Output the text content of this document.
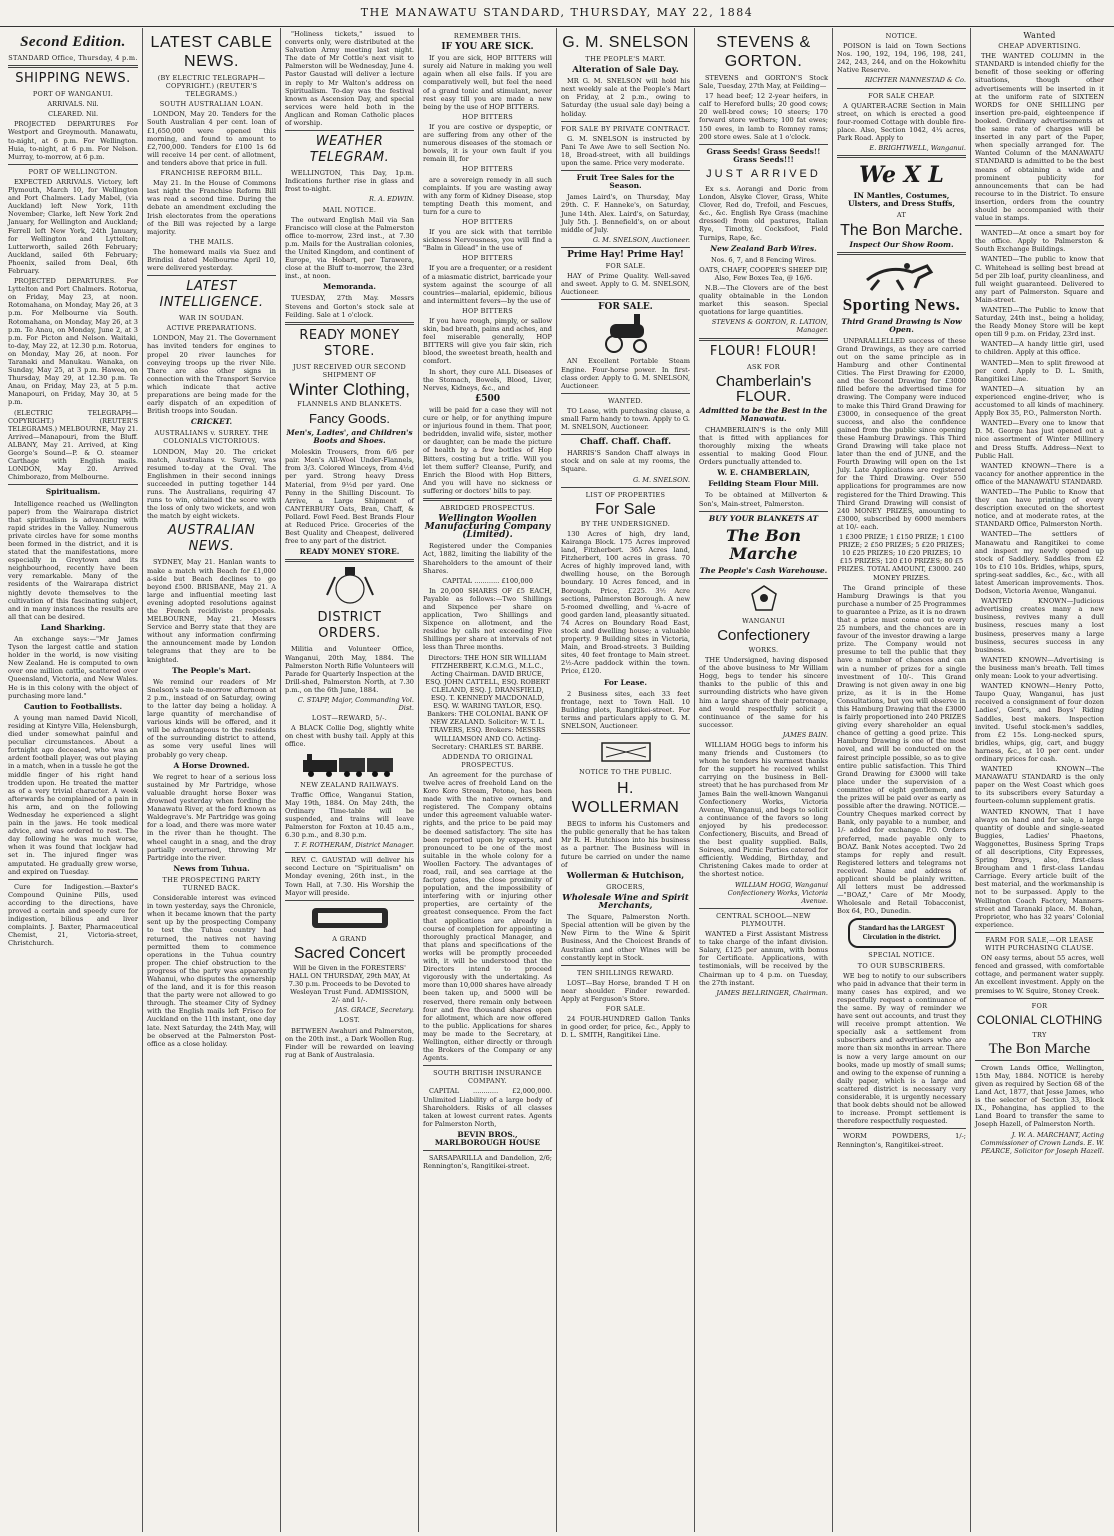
THE MANAWATU STANDARD, THURSDAY, MAY 22, 1884
Second Edition.
STANDARD Office, Thursday, 4 p.m.
SHIPPING NEWS.
PORT OF WANGANUI.

ARRIVALS. Nil.

CLEARED. Nil.

PROJECTED DEPARTURES For Westport and Greymouth. Manawatu, to-night, at 6 p.m. For Wellington. Huia, to-night, at 6 p.m. For Nelson. Murray, to-morrow, at 6 p.m.

PORT OF WELLINGTON.

EXPECTED ARRIVALS. Victory, left Plymouth, March 10, for Wellington and Port Chalmers. Lady Mabel, (via Auckland) left New York, 11th November; Clarke, left New York 2nd January, for Wellington and Auckland; Ferrell left New York, 24th January, for Wellington and Lyttelton; Lutterworth, sailed 26th February; Auckland, sailed 6th February; Phoenix, sailed from Deal, 6th February.

PROJECTED DEPARTURES. For Lyttelton and Port Chalmers. Rotorua, on Friday, May 23, at noon. Rotomahana, on Monday, May 26, at 3 p.m. For Melbourne via South. Rotomahana, on Monday, May 26, at 3 p.m. Te Anau, on Monday, June 2, at 3 p.m. For Picton and Nelson. Waitaki, to-day, May 22, at 12.30 p.m. Rotorua, on Monday, May 26, at noon. For Taranaki and Manukau. Wanaka, on Sunday, May 25, at 3 p.m. Hawea, on Thursday, May 29, at 12.30 p.m. Te Anau, on Friday, May 23, at 5 p.m. Manapouri, on Friday, May 30, at 5 p.m.

(ELECTRIC TELEGRAPH—COPYRIGHT.) (REUTER'S TELEGRAMS.) MELBOURNE, May 21. Arrived—Manapouri, from the Bluff. ALBANY, May 21. Arrived, at King George's Sound—P. & O. steamer Carthage with English mails. LONDON, May 20. Arrived Chimborazo, from Melbourne.

Spiritualism.

Intelligence reached us (Wellington paper) from the Wairarapa district that spiritualism is advancing with rapid strides in the Valley. Numerous private circles have for some months been formed in the district, and it is stated that the manifestations, more especially in Greytown and its neighbourhood, recently have been very remarkable. Many of the residents of the Wairarapa district nightly devote themselves to the cultivation of this fascinating subject, and in many instances the results are all that can be desired.

Land Sharking.

An exchange says:—"Mr James Tyson the largest cattle and station holder in the world, is now visiting New Zealand. He is computed to own over one million cattle, scattered over Queensland, Victoria, and New Wales. He is in this colony with the object of purchasing more land."

Caution to Footballists.

A young man named David Nicoll, residing at Kintyre Villa, Helensburgh, died under somewhat painful and peculiar circumstances. About a fortnight ago deceased, who was an ardent football player, was out playing in a match, when in a tussle he got the middle finger of his right hand trodden upon. He treated the matter as of a very trivial character. A week afterwards he complained of a pain in his arm, and on the following Wednesday he experienced a slight pain in the jaws. He took medical advice, and was ordered to rest. The day following he was much worse, when it was found that lockjaw had set in. The injured finger was amputated. He gradually grew worse, and expired on Tuesday.

Cure for Indigestion.—Baxter's Compound Quinine Pills, used according to the directions, have proved a certain and speedy cure for indigestion, bilious and liver complaints. J. Baxter, Pharmaceutical Chemist, 21, Victoria-street, Christchurch.

LATEST CABLE NEWS.
(BY ELECTRIC TELEGRAPH—COPYRIGHT.) (REUTER'S TELEGRAMS.)
SOUTH AUSTRALIAN LOAN.

LONDON, May 20. Tenders for the South Australian 4 per cent. loan of £1,650,000 were opened this morning, and found to amount to £2,700,000. Tenders for £100 1s 6d will receive 14 per cent. of allotment, and tenders above that price in full.

FRANCHISE REFORM BILL.

May 21. In the House of Commons last night the Franchise Reform Bill was read a second time. During the debate an amendment excluding the Irish electorates from the operations of the Bill was rejected by a large majority.

THE MAILS.

The homeward mails via Suez and Brindisi dated Melbourne April 10, were delivered yesterday.

LATEST INTELLIGENCE.
WAR IN SOUDAN.
ACTIVE PREPARATIONS.

LONDON, May 21. The Government has invited tenders for engines to propel 20 river launches for conveying troops up the river Nile. There are also other signs in connection with the Transport Service which indicate that active preparations are being made for the early dispatch of an expedition of British troops into Soudan.

CRICKET.
AUSTRALIANS v. SURREY. THE COLONIALS VICTORIOUS.

LONDON, May 20. The cricket match, Australians v. Surrey, was resumed to-day at the Oval. The Englishmen in their second innings succeeded in putting together 144 runs. The Australians, requiring 47 runs to win, obtained the score with the loss of only two wickets, and won the match by eight wickets.

AUSTRALIAN NEWS.

SYDNEY, May 21. Hanlan wants to make a match with Beach for £1,000 a-side but Beach declines to go beyond £500. BRISBANE, May 21. A large and influential meeting last evening adopted resolutions against the French recidiviste proposals. MELBOURNE, May 21. Messrs Service and Berry state that they are without any information confirming the announcement made by London telegrams that they are to be knighted.

The People's Mart.

We remind our readers of Mr Snelson's sale to-morrow afternoon at 2 p.m., instead of on Saturday, owing to the latter day being a holiday. A large quantity of merchandise of various kinds will be offered, and it will be advantageous to the residents of the surrounding district to attend, as some very useful lines will probably go very cheap.

A Horse Drowned.

We regret to hear of a serious loss sustained by Mr Partridge, whose valuable draught horse Boxer was drowned yesterday when fording the Manawatu River, at the ford known as Waldegrave's. Mr Partridge was going for a load, and there was more water in the river than he thought. The wheel caught in a snag, and the dray partially overturned, throwing Mr Partridge into the river.

News from Tuhua.
THE PROSPECTING PARTY TURNED BACK.

Considerable interest was evinced in town yesterday, says the Chronicle, when it became known that the party sent up by the prospecting Company to test the Tuhua country had returned, the natives not having permitted them to commence operations in the Tuhua country proper. The chief obstruction to the progress of the party was apparently Wahanui, who disputes the ownership of the land, and it is for this reason that the party were not allowed to go through. The steamer City of Sydney with the English mails left Frisco for Auckland on the 11th instant, one day late. Next Saturday, the 24th May, will be observed at the Palmerston Post-office as a close holiday.

"Holiness tickets," issued to converts only, were distributed at the Salvation Army meeting last night. The date of Mr Cottle's next visit to Palmerston will be Wednesday, June 4. Pastor Gaustad will deliver a lecture in reply to Mr Walton's address on Spiritualism. To-day was the festival known as Ascension Day, and special services were held both in the Anglican and Roman Catholic places of worship.

WEATHER TELEGRAM.

WELLINGTON, This Day, 1p.m. Indications further rise in glass and frost to-night.

R. A. EDWIN.

MAIL NOTICE.

The outward English Mail via San Francisco will close at the Palmerston office to-morrow, 23rd inst., at 7.30 p.m. Mails for the Australian colonies, the United Kingdom, and continent of Europe, via Hobart, per Tarawera, close at the Bluff to-morrow, the 23rd inst., at noon.

Memoranda.

TUESDAY, 27th May. Messrs Stevens and Gorton's stock sale at Feilding. Sale at 1 o'clock.

READY MONEY STORE.
JUST RECEIVED OUR SECOND SHIPMENT OF
Winter Clothing,
FLANNELS AND BLANKETS.
Fancy Goods.
Men's, Ladies', and Children's Boots and Shoes.

Moleskin Trousers, from 6/6 per pair. Men's All-Wool Under-Flannels, from 3/3. Colored Winceys, from 4½d per yard. Strong heavy Dress Material, from 9½d per yard. One Penny in the Shilling Discount. To Arrive, a Large Shipment of CANTERBURY Oats, Bran, Chaff, & Pollard. Fowl Feed. Best Brands Flour at Reduced Price. Groceries of the Best Quality and Cheapest, delivered free to any part of the district.

READY MONEY STORE.
DISTRICT ORDERS.

Militia and Volunteer Office, Wanganui, 20th May, 1884. The Palmerston North Rifle Volunteers will Parade for Quarterly Inspection at the Drill-shed, Palmerston North, at 7.30 p.m., on the 6th June, 1884.

C. STAPP, Major, Commanding Vol. Dist.

LOST—REWARD, 5/-.

A BLACK Collie Dog, slightly white on chest with bushy tail. Apply at this office.

NEW ZEALAND RAILWAYS.

Traffic Office, Wanganui Station, May 19th, 1884. On May 24th, the Ordinary Time-table will be suspended, and trains will leave Palmerston for Foxton at 10.45 a.m., 6.30 p.m., and 8.30 p.m.

T. F. ROTHERAM, District Manager.

REV. C. GAUSTAD will deliver his second Lecture on "Spiritualism" on Monday evening, 26th inst., in the Town Hall, at 7.30. His Worship the Mayor will preside.

A GRAND
Sacred Concert

Will be Given in the FORESTERS' HALL ON THURSDAY, 29th MAY, At 7.30 p.m. Proceeds to be Devoted to Wesleyan Trust Fund. ADMISSION, 2/- and 1/-.

JAS. GRACE, Secretary.

LOST.

BETWEEN Awahuri and Palmerston, on the 20th inst., a Dark Woollen Rug. Finder will be rewarded on leaving rug at Bank of Australasia.

REMEMBER THIS.
IF YOU ARE SICK.

If you are sick, HOP BITTERS will surely aid Nature in making you well again when all else fails. If you are comparatively well, but feel the need of a grand tonic and stimulant, never rest easy till you are made a new being by the use of HOP BITTERS.

HOP BITTERS

If you are costive or dyspeptic, or are suffering from any other of the numerous diseases of the stomach or bowels, it is your own fault if you remain ill, for

HOP BITTERS

are a sovereign remedy in all such complaints. If you are wasting away with any form of Kidney Disease, stop tempting Death this moment, and turn for a cure to

HOP BITTERS

If you are sick with that terrible sickness Nervousness, you will find a "Balm in Gilead" in the use of

HOP BITTERS

If you are a frequenter, or a resident of a miasmatic district, barricade your system against the scourge of all countries—malarial, epidemic, bilious and intermittent fevers—by the use of

HOP BITTERS

If you have rough, pimply, or sallow skin, bad breath, pains and aches, and feel miserable generally, HOP BITTERS will give you fair skin, rich blood, the sweetest breath, health and comfort.

In short, they cure ALL Diseases of the Stomach, Bowels, Blood, Liver, Nerves, Kidneys, &c., and

£500

will be paid for a case they will not cure or help, or for anything impure or injurious found in them. That poor, bedridden, invalid wife, sister, mother or daughter, can be made the picture of health by a few bottles of Hop Bitters, costing but a trifle. Will you let them suffer? Cleanse, Purify, and Enrich the Blood with Hop Bitters, And you will have no sickness or suffering or doctors' bills to pay.

ABRIDGED PROSPECTUS.
Wellington Woollen Manufacturing Company (Limited).

Registered under the Companies Act, 1882, limiting the liability of the Shareholders to the amount of their Shares.

CAPITAL ............ £100,000

In 20,000 SHARES OF £5 EACH, Payable as follows:—Two Shillings and Sixpence per share on application, Two Shillings and Sixpence on allotment, and the residue by calls not exceeding Five Shillings per share at intervals of not less than Three months.

Directors: THE HON SIR WILLIAM FITZHERBERT, K.C.M.G., M.L.C., Acting Chairman. DAVID BRUCE, ESQ. JOHN CATTELL, ESQ. ROBERT CLELAND, ESQ. J. DRANSFIELD, ESQ. T. KENNEDY MACDONALD, ESQ. W. WARING TAYLOR, ESQ. Bankers: THE COLONIAL BANK OF NEW ZEALAND. Solicitor: W. T. L. TRAVERS, ESQ. Brokers: MESSRS WILLIAMSON AND CO. Acting-Secretary: CHARLES ST. BARBE.

ADDENDA TO ORIGINAL PROSPECTUS.

An agreement for the purchase of twelve acres of freehold Land on the Koro Koro Stream, Petone, has been made with the native owners, and registered. The Company obtains under this agreement valuable water-rights, and the price to be paid may be deemed satisfactory. The site has been reported upon by experts, and pronounced to be one of the most suitable in the whole colony for a Woollen Factory. The advantages of road, rail, and sea carriage at the factory gates, the close proximity of population, and the impossibility of interfering with or injuring other properties, are certainty of the greatest consequence. From the fact that applications are already in course of completion for appointing a thoroughly practical Manager, and that plans and specifications of the works will be promptly proceeded with, it will be understood that the Directors intend to proceed vigorously with the undertaking. As more than 10,000 shares have already been taken up, and 5000 will be reserved, there remain only between four and five thousand shares open for allotment, which are now offered to the public. Applications for shares may be made to the Secretary, at Wellington, either directly or through the Brokers of the Company or any Agents.

SOUTH BRITISH INSURANCE COMPANY.

CAPITAL ............ £2,000,000. Unlimited Liability of a large body of Shareholders. Risks of all classes taken at lowest current rates. Agents for Palmerston North,

BEVIN BROS., MARLBOROUGH HOUSE

SARSAPARILLA and Dandelion, 2/6; Rennington's, Rangitikei-street.

G. M. SNELSON
THE PEOPLE'S MART.
Alteration of Sale Day.

MR G. M. SNELSON will hold his next weekly sale at the People's Mart on Friday, at 2 p.m., owing to Saturday (the usual sale day) being a holiday.

FOR SALE BY PRIVATE CONTRACT.

G. M. SNELSON is instructed by Pani Te Awe Awe to sell Section No. 18, Broad-street, with all buildings upon the same. Price very moderate.

Fruit Tree Sales for the Season.

James Laird's, on Thursday, May 29th. C. F. Hanneke's, on Saturday, June 14th. Alex. Laird's, on Saturday, July 5th. J. Bennefield's, on or about middle of July.

G. M. SNELSON, Auctioneer.

Prime Hay! Prime Hay!
FOR SALE.

HAY of Prime Quality. Well-saved and sweet. Apply to G. M. SNELSON, Auctioneer.

FOR SALE.

AN Excellent Portable Steam Engine. Four-horse power. In first-class order. Apply to G. M. SNELSON, Auctioneer.

WANTED.

TO Lease, with purchasing clause, a small Farm handy to town. Apply to G. M. SNELSON, Auctioneer.

Chaff. Chaff. Chaff.

HARRIS'S Sandon Chaff always in stock and on sale at my rooms, the Square.

G. M. SNELSON.

LIST OF PROPERTIES
For Sale
BY THE UNDERSIGNED.

130 Acres of high, dry land, Kairanga Block. 175 Acres improved land, Fitzherbert. 365 Acres land, Fitzherbert, 100 acres in grass. 70 Acres of highly improved land, with dwelling house, on the Borough boundary. 10 Acres fenced, and in Borough. Price, £225. 3½ Acre sections, Palmerston Borough. A new 5-roomed dwelling, and ¼-acre of good garden land, pleasantly situated. 74 Acres on Boundary Road East, stock and dwelling house; a valuable property. 9 Building sites in Victoria, Main, and Broad-streets. 3 Building sites, 40 feet frontage to Main street. 2½-Acre paddock within the town. Price, £120.

For Lease.

2 Business sites, each 33 feet frontage, next to Town Hall. 10 Building plots, Rangitikei-street. For terms and particulars apply to G. M. SNELSON, Auctioneer.

NOTICE TO THE PUBLIC.
H. WOLLERMAN

BEGS to inform his Customers and the public generally that he has taken Mr R. H. Hutchison into his business as a partner. The Business will in future be carried on under the name of

Wollerman & Hutchison,
GROCERS,
Wholesale Wine and Spirit Merchants,

The Square, Palmerston North. Special attention will be given by the New Firm to the Wine & Spirit Business, And the Choicest Brands of Australian and other Wines will be constantly kept in Stock.

TEN SHILLINGS REWARD.

LOST—Bay Horse, branded T H on near shoulder. Finder rewarded. Apply at Ferguson's Store.

FOR SALE.

24 FOUR-HUNDRED Gallon Tanks in good order, for price, &c., Apply to D. L. SMITH, Rangitikei Line.

STEVENS & GORTON.

STEVENS and GORTON'S Stock Sale, Tuesday, 27th May, at Feilding—

17 head beef; 12 2-year heifers, in calf to Hereford bulls; 20 good cows; 20 well-bred cows; 10 steers; 170 forward store wethers; 100 fat ewes; 150 ewes, in lamb to Romney rams; 200 store ewes. Sale at 1 o'clock.

Grass Seeds! Grass Seeds!! Grass Seeds!!!
JUST ARRIVED

Ex s.s. Aorangi and Doric from London, Alsyke Clover, Grass, White Clover, Red do, Trefoil, and Fescues, &c., &c. English Rye Grass (machine dressed) from old pastures, Italian Rye, Timothy, Cocksfoot, Field Turnips, Rape, &c.

New Zealand Barb Wires.

Nos. 6, 7, and 8 Fencing Wires.

OATS, CHAFF, COOPER'S SHEEP DIP, Also, Few Boxes Tea, @ 16/6.

N.B.—The Clovers are of the best quality obtainable in the London market this season. Special quotations for large quantities.

STEVENS & GORTON, R. LATION, Manager.

FLOUR! FLOUR!
ASK FOR
Chamberlain's FLOUR.
Admitted to be the Best in the Manawatu.

CHAMBERLAIN'S is the only Mill that is fitted with appliances for thoroughly mixing the wheats essential to making Good Flour. Orders punctually attended to.

W. E. CHAMBERLAIN,
Feilding Steam Flour Mill.

To be obtained at Millverton & Son's, Main-street, Palmerston.

BUY YOUR BLANKETS AT
The Bon Marche
The People's Cash Warehouse.
WANGANUI
Confectionery
WORKS.

THE Undersigned, having disposed of the above business to Mr William Hogg, begs to tender his sincere thanks to the public of this and surrounding districts who have given him a large share of their patronage, and would respectfully solicit a continuance of the same for his successor.

JAMES BAIN.

WILLIAM HOGG begs to inform his many friends and Customers (to whom he tenders his warmest thanks for the support he received whilst carrying on the business in Bell-street) that he has purchased from Mr James Bain the well-known Wanganui Confectionery Works, Victoria Avenue, Wanganui, and begs to solicit a continuance of the favors so long enjoyed by his predecessor. Confectionery, Biscuits, and Bread of the best quality supplied. Balls, Soirees, and Picnic Parties catered for efficiently. Wedding, Birthday, and Christening Cakes made to order at the shortest notice.

WILLIAM HOGG, Wanganui Confectionery Works, Victoria Avenue.

CENTRAL SCHOOL—NEW PLYMOUTH.

WANTED a First Assistant Mistress to take charge of the infant division. Salary, £125 per annum, with bonus for Certificate. Applications, with testimonials, will be received by the Chairman up to 4 p.m. on Tuesday, the 27th instant.

JAMES BELLRINGER, Chairman.

NOTICE.

POISON is laid on Town Sections Nos. 190, 192, 194, 196, 198, 241, 242, 243, 244, and on the Hokowhitu Native Reserve.

RICHTER NANNESTAD & Co.

FOR SALE CHEAP.

A QUARTER-ACRE Section in Main street, on which is erected a good four-roomed Cottage with double fire-place. Also, Section 1042, 4¼ acres, Park Road. Apply to

E. BRIGHTWELL, Wanganui.

We X L
IN Mantles, Costumes, Ulsters, and Dress Stuffs,
AT
The Bon Marche.
Inspect Our Show Room.
Sporting News.
Third Grand Drawing is Now Open.

UNPARALLELLED success of these Grand Drawings, as they are carried out on the same principle as in Hamburg and other Continental Cities. The First Drawing for £2000, and the Second Drawing for £3000 filled before the advertised time for drawing. The Company were induced to make this Third Grand Drawing for £3000, in consequence of the great success, and also the confidence gained from the public since opening these Hamburg Drawings. This Third Grand Drawing will take place not later than the end of JUNE, and the Fourth Drawing will open on the 1st July. Late Applications are registered for the Third Drawing. Over 550 applications for programmes are now registered for the Third Drawing. This Third Grand Drawing will consist of 240 MONEY PRIZES, amounting to £3000, subscribed by 6000 members at 10/- each.

1 £300 PRIZE; 1 £150 PRIZE; 1 £100 PRIZE; 2 £50 PRIZES; 5 £20 PRIZES; 10 £25 PRIZES; 10 £20 PRIZES; 10 £15 PRIZES; 120 £10 PRIZES; 80 £5 PRIZES. TOTAL AMOUNT, £3000. 240 MONEY PRIZES.

The Grand principle of these Hamburg Drawings is that you purchase a number of 25 Programmes to guarantee a Prize, as it is no drawn that a prize must come out to every 25 numbers, and the chances are in favour of the investor drawing a large prize. The Company would not presume to tell the public that they have a number of chances and can win a number of prizes for a single investment of 10/-. This Grand Drawing is not given away in one big prize, as it is in the Home Consultations, but you will observe in this Hamburg Drawing that the £3000 is fairly proportioned into 240 PRIZES giving every shareholder an equal chance of getting a good prize. This Hamburg Drawing is one of the most novel, and will be conducted on the fairest principle possible, so as to give entire public satisfaction. This Third Grand Drawing for £3000 will take place under the supervision of a committee of eight gentlemen, and the prizes will be paid over as early as possible after the drawing. NOTICE.—Country Cheques marked correct by Bank, only payable to a number, and 1/- added for exchange. P.O. Orders preferred, made payable only to BOAZ. Bank Notes accepted. Two 2d stamps for reply and result. Registered letters and telegrams not received. Name and address of applicant should be plainly written. All letters must be addressed—"BOAZ," Care of Mr Moody, Wholesale and Retail Tobacconist, Box 64, P.O., Dunedin.

Standard has the LARGEST Circulation in the district.
SPECIAL NOTICE.
TO OUR SUBSCRIBERS.

WE beg to notify to our subscribers who paid in advance that their term in many cases has expired, and we respectfully request a continuance of the same. By way of reminder we have sent out accounts, and trust they will receive prompt attention. We specially ask a settlement from subscribers and advertisers who are more than six months in arrear. There is now a very large amount on our books, made up mostly of small sums; and owing to the expense of running a daily paper, which is a large and scattered district is necessary very considerable, it is urgently necessary that book debts should not be allowed to increase. Prompt settlement is therefore respectfully requested.

WORM POWDERS, 1/-; Rennington's, Rangitikei-street.

Wanted
CHEAP ADVERTISING.

THE WANTED COLUMN in the STANDARD is intended chiefly for the benefit of those seeking or offering situations, though other advertisements will be inserted in it at the uniform rate of SIXTEEN WORDS for ONE SHILLING per insertion pre-paid, eighteenpence if booked. Ordinary advertisements at the same rate of charges will be inserted in any part of the Paper, when specially arranged for. The Wanted Column of the MANAWATU STANDARD is admitted to be the best means of obtaining a wide and prominent publicity for announcements that can be had recourse to in the District. To ensure insertion, orders from the country should be accompanied with their value in stamps.

WANTED—At once a smart boy for the office. Apply to Palmerston & South Exchange Buildings.

WANTED—The public to know that C. Whitehead is selling best bread at 5d per 2lb loaf, purity cleanliness, and full weight guaranteed. Delivered to any part of Palmerston. Square and Main-street.

WANTED—The Public to know that Saturday, 24th inst., being a holiday, the Ready Money Store will be kept open till 9 p.m. on Friday, 23rd inst.

WANTED—A handy little girl, used to children. Apply at this office.

WANTED—Men to split firewood at per cord. Apply to D. L. Smith, Rangitikei Line.

WANTED—A situation by an experienced engine-driver, who is accustomed to all kinds of machinery. Apply Box 35, P.O., Palmerston North.

WANTED—Every one to know that D. M. George has just opened out a nice assortment of Winter Millinery and Dress Stuffs. Address—Next to Public Hall.

WANTED KNOWN—There is a vacancy for another apprentice in the office of the MANAWATU STANDARD.

WANTED—The Public to Know that they can have printing of every description executed on the shortest notice, and at moderate rates, at the STANDARD Office, Palmerston North.

WANTED—The settlers of Manawatu and Rangitikei to come and inspect my newly opened up stock of Saddlery. Saddles from £2 10s to £10 10s. Bridles, whips, spurs, spring-seat saddles, &c., &c., with all latest American improvements. Thos. Dodson, Victoria Avenue, Wanganui.

WANTED KNOWN—Judicious advertising creates many a new business, revives many a dull business, rescues many a lost business, preserves many a large business, secures success in any business.

WANTED KNOWN—Advertising is the business man's breath. Tell times only mean: Look to your advertising.

WANTED KNOWN—Henry Potto, Taupo Quay, Wanganui, has just received a consignment of four dozen Ladies', Gent's, and Boys' Riding Saddles, best makers. Inspection invited. Useful stock-men's saddles, from £2 15s. Long-necked spurs, bridles, whips, gig, cart, and buggy harness, &c., at 10 per cent. under ordinary prices for cash.

WANTED KNOWN—The MANAWATU STANDARD is the only paper on the West Coast which goes to its subscribers every Saturday a fourteen-column supplement gratis.

WANTED KNOWN, That I have always on hand and for sale, a large quantity of double and single-seated Buggies, Ladies' Phaetons, Waggonettes, Business Spring Traps of all descriptions, City Expresses, Spring Drays, also, first-class Brougham and 1 first-class Landau Carriage. Every article built of the best material, and the workmanship is not to be surpassed. Apply to the Wellington Coach Factory, Manners-street and Taranaki place. M. Bohan, Proprietor, who has 32 years' Colonial experience.

FARM FOR SALE,—OR LEASE WITH PURCHASING CLAUSE.

ON easy terms, about 55 acres, well fenced and grassed, with comfortable cottage, and permanent water supply. An excellent investment. Apply on the premises to W. Squire, Stoney Creek.

FOR
COLONIAL CLOTHING
TRY
The Bon Marche

Crown Lands Office, Wellington, 15th May, 1884. NOTICE is hereby given as required by Section 68 of the Land Act, 1877, that Jesse James, who is the selector of Section 33, Block IX., Pohangina, has applied to the Land Board to transfer the same to Joseph Hazell, of Palmerston North.

J. W. A. MARCHANT, Acting Commissioner of Crown Lands. E. W. PEARCE, Solicitor for Joseph Hazell.
